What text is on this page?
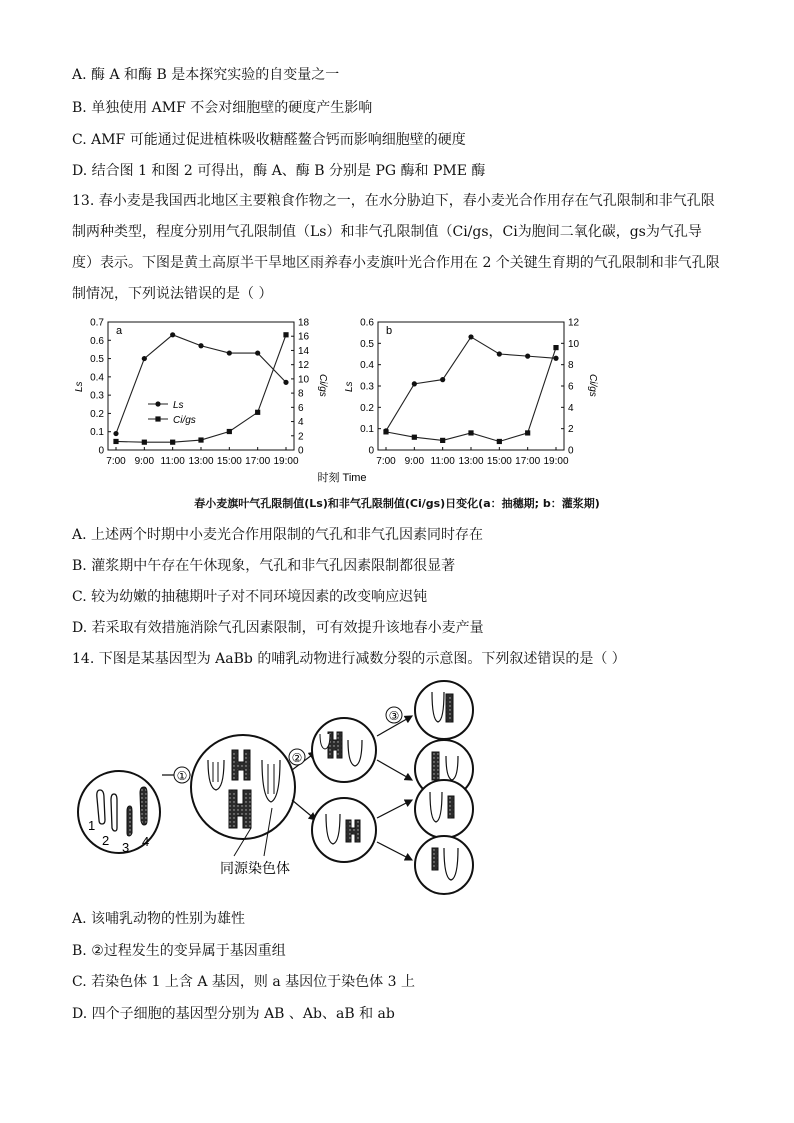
A. 酶 A 和酶 B 是本探究实验的自变量之一
B. 单独使用 AMF 不会对细胞壁的硬度产生影响
C. AMF 可能通过促进植株吸收糖醛鳌合钙而影响细胞壁的硬度
D. 结合图 1 和图 2 可得出，酶 A、酶 B 分别是 PG 酶和 PME 酶
13. 春小麦是我国西北地区主要粮食作物之一，在水分胁迫下，春小麦光合作用存在气孔限制和非气孔限制两种类型，程度分别用气孔限制值（Ls）和非气孔限制值（Ci/gs，Ci为胞间二氧化碳，gs为气孔导度）表示。下图是黄土高原半干旱地区雨养春小麦旗叶光合作用在 2 个关键生育期的气孔限制和非气孔限制情况，下列说法错误的是（ ）
0
0.1
0.2
0.3
0.4
0.5
0.6
0.7
0
2
4
6
8
10
12
14
16
18
7:00 9:00 11:00 13:00 15:00 17:00 19:00
a
Ls	Ci/gs
Ls
Ci/gs
0
0.1
0.2
0.3
0.4
0.5
0.6
0
2
4
6
8
10
12
7:00 9:00 11:00 13:00 15:00 17:00 19:00
b
Ls	Ci/gs
时刻 Time
春小麦旗叶气孔限制值(Ls)和非气孔限制值(Ci/gs)日变化(a：抽穗期; b：灌浆期)
A. 上述两个时期中小麦光合作用限制的气孔和非气孔因素同时存在
B. 灌浆期中午存在午休现象，气孔和非气孔因素限制都很显著
C. 较为幼嫩的抽穗期叶子对不同环境因素的改变响应迟钝
D. 若采取有效措施消除气孔因素限制，可有效提升该地春小麦产量
14. 下图是某基因型为 AaBb 的哺乳动物进行减数分裂的示意图。下列叙述错误的是（ ）
1
2 3 4
①
同源染色体
②
③
A. 该哺乳动物的性别为雄性
B. ②过程发生的变异属于基因重组
C. 若染色体 1 上含 A 基因，则 a 基因位于染色体 3 上
D. 四个子细胞的基因型分别为 AB 、Ab、aB 和 ab
